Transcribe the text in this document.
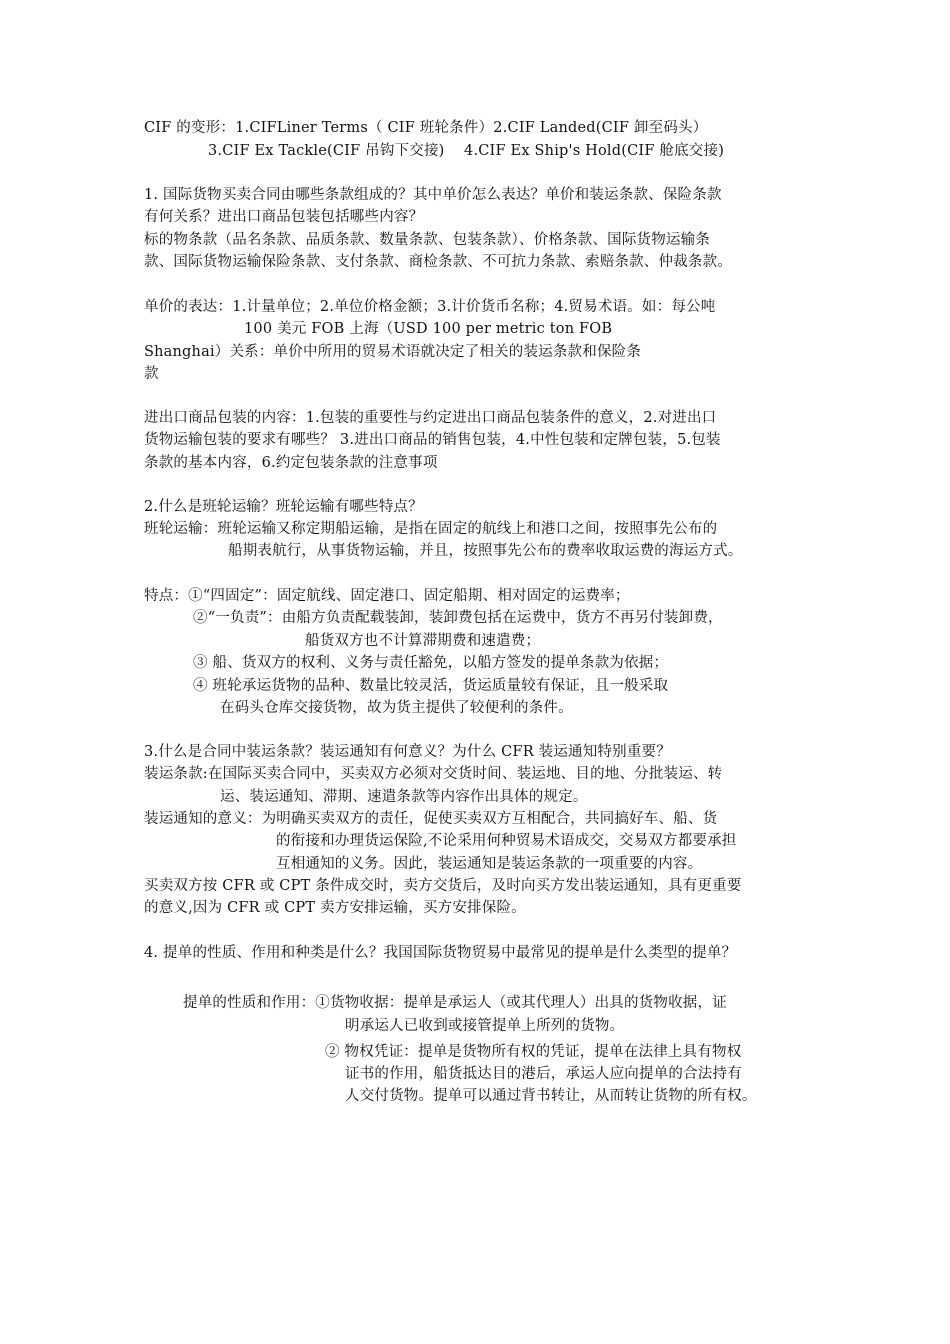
CIF 的变形：1.CIFLiner Terms（ CIF 班轮条件）2.CIF Landed(CIF 卸至码头）
3.CIF Ex Tackle(CIF 吊钩下交接)　 4.CIF Ex Ship's Hold(CIF 舱底交接)
1. 国际货物买卖合同由哪些条款组成的？其中单价怎么表达？单价和装运条款、保险条款
有何关系？进出口商品包装包括哪些内容？
标的物条款（品名条款、品质条款、数量条款、包装条款）、价格条款、国际货物运输条
款、国际货物运输保险条款、支付条款、商检条款、不可抗力条款、索赔条款、仲裁条款。
单价的表达：1.计量单位；2.单位价格金额；3.计价货币名称；4.贸易术语。如：每公吨
100 美元 FOB 上海（USD 100 per metric ton FOB
Shanghai）关系：单价中所用的贸易术语就决定了相关的装运条款和保险条
款
进出口商品包装的内容：1.包装的重要性与约定进出口商品包装条件的意义，2.对进出口
货物运输包装的要求有哪些？ 3.进出口商品的销售包装，4.中性包装和定牌包装，5.包装
条款的基本内容，6.约定包装条款的注意事项
2.什么是班轮运输？班轮运输有哪些特点？
班轮运输：班轮运输又称定期船运输，是指在固定的航线上和港口之间，按照事先公布的
船期表航行，从事货物运输，并且，按照事先公布的费率收取运费的海运方式。
特点：①“四固定”：固定航线、固定港口、固定船期、相对固定的运费率；
②“一负责”：由船方负责配载装卸，装卸费包括在运费中，货方不再另付装卸费，
船货双方也不计算滞期费和速遣费；
③ 船、货双方的权利、义务与责任豁免，以船方签发的提单条款为依据；
④ 班轮承运货物的品种、数量比较灵活，货运质量较有保证，且一般采取
在码头仓库交接货物，故为货主提供了较便利的条件。
3.什么是合同中装运条款？装运通知有何意义？为什么 CFR 装运通知特别重要？
装运条款:在国际买卖合同中，买卖双方必须对交货时间、装运地、目的地、分批装运、转
运、装运通知、滞期、速遣条款等内容作出具体的规定。
装运通知的意义：为明确买卖双方的责任，促使买卖双方互相配合，共同搞好车、船、货
的衔接和办理货运保险,不论采用何种贸易术语成交，交易双方都要承担
互相通知的义务。因此，装运通知是装运条款的一项重要的内容。
买卖双方按 CFR 或 CPT 条件成交时，卖方交货后，及时向买方发出装运通知，具有更重要
的意义,因为 CFR 或 CPT 卖方安排运输，买方安排保险。
4. 提单的性质、作用和种类是什么？我国国际货物贸易中最常见的提单是什么类型的提单？
提单的性质和作用：①货物收据：提单是承运人（或其代理人）出具的货物收据，证
明承运人已收到或接管提单上所列的货物。
② 物权凭证：提单是货物所有权的凭证，提单在法律上具有物权
证书的作用，船货抵达目的港后，承运人应向提单的合法持有
人交付货物。提单可以通过背书转让，从而转让货物的所有权。
